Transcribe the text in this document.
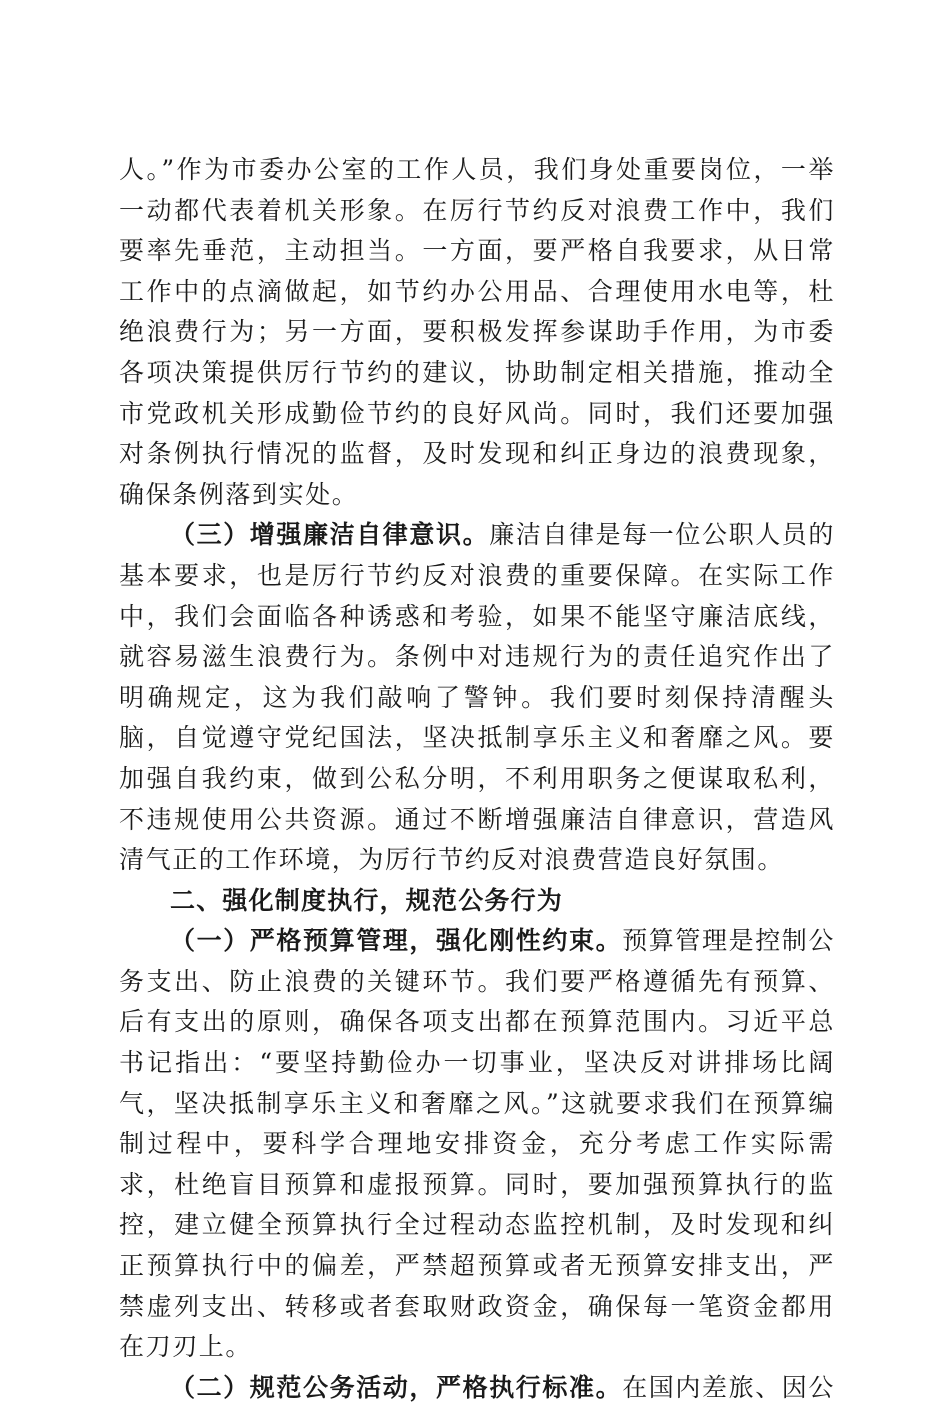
人。”作为市委办公室的工作人员，我们身处重要岗位，一举一动都代表着机关形象。在厉行节约反对浪费工作中，我们要率先垂范，主动担当。一方面，要严格自我要求，从日常工作中的点滴做起，如节约办公用品、合理使用水电等，杜绝浪费行为；另一方面，要积极发挥参谋助手作用，为市委各项决策提供厉行节约的建议，协助制定相关措施，推动全市党政机关形成勤俭节约的良好风尚。同时，我们还要加强对条例执行情况的监督，及时发现和纠正身边的浪费现象，确保条例落到实处。

（三）增强廉洁自律意识。廉洁自律是每一位公职人员的基本要求，也是厉行节约反对浪费的重要保障。在实际工作中，我们会面临各种诱惑和考验，如果不能坚守廉洁底线，就容易滋生浪费行为。条例中对违规行为的责任追究作出了明确规定，这为我们敲响了警钟。我们要时刻保持清醒头脑，自觉遵守党纪国法，坚决抵制享乐主义和奢靡之风。要加强自我约束，做到公私分明，不利用职务之便谋取私利，不违规使用公共资源。通过不断增强廉洁自律意识，营造风清气正的工作环境，为厉行节约反对浪费营造良好氛围。

二、强化制度执行，规范公务行为

（一）严格预算管理，强化刚性约束。预算管理是控制公务支出、防止浪费的关键环节。我们要严格遵循先有预算、后有支出的原则，确保各项支出都在预算范围内。习近平总书记指出：“要坚持勤俭办一切事业，坚决反对讲排场比阔气，坚决抵制享乐主义和奢靡之风。”这就要求我们在预算编制过程中，要科学合理地安排资金，充分考虑工作实际需求，杜绝盲目预算和虚报预算。同时，要加强预算执行的监控，建立健全预算执行全过程动态监控机制，及时发现和纠正预算执行中的偏差，严禁超预算或者无预算安排支出，严禁虚列支出、转移或者套取财政资金，确保每一笔资金都用在刀刃上。

（二）规范公务活动，严格执行标准。在国内差旅、因公
